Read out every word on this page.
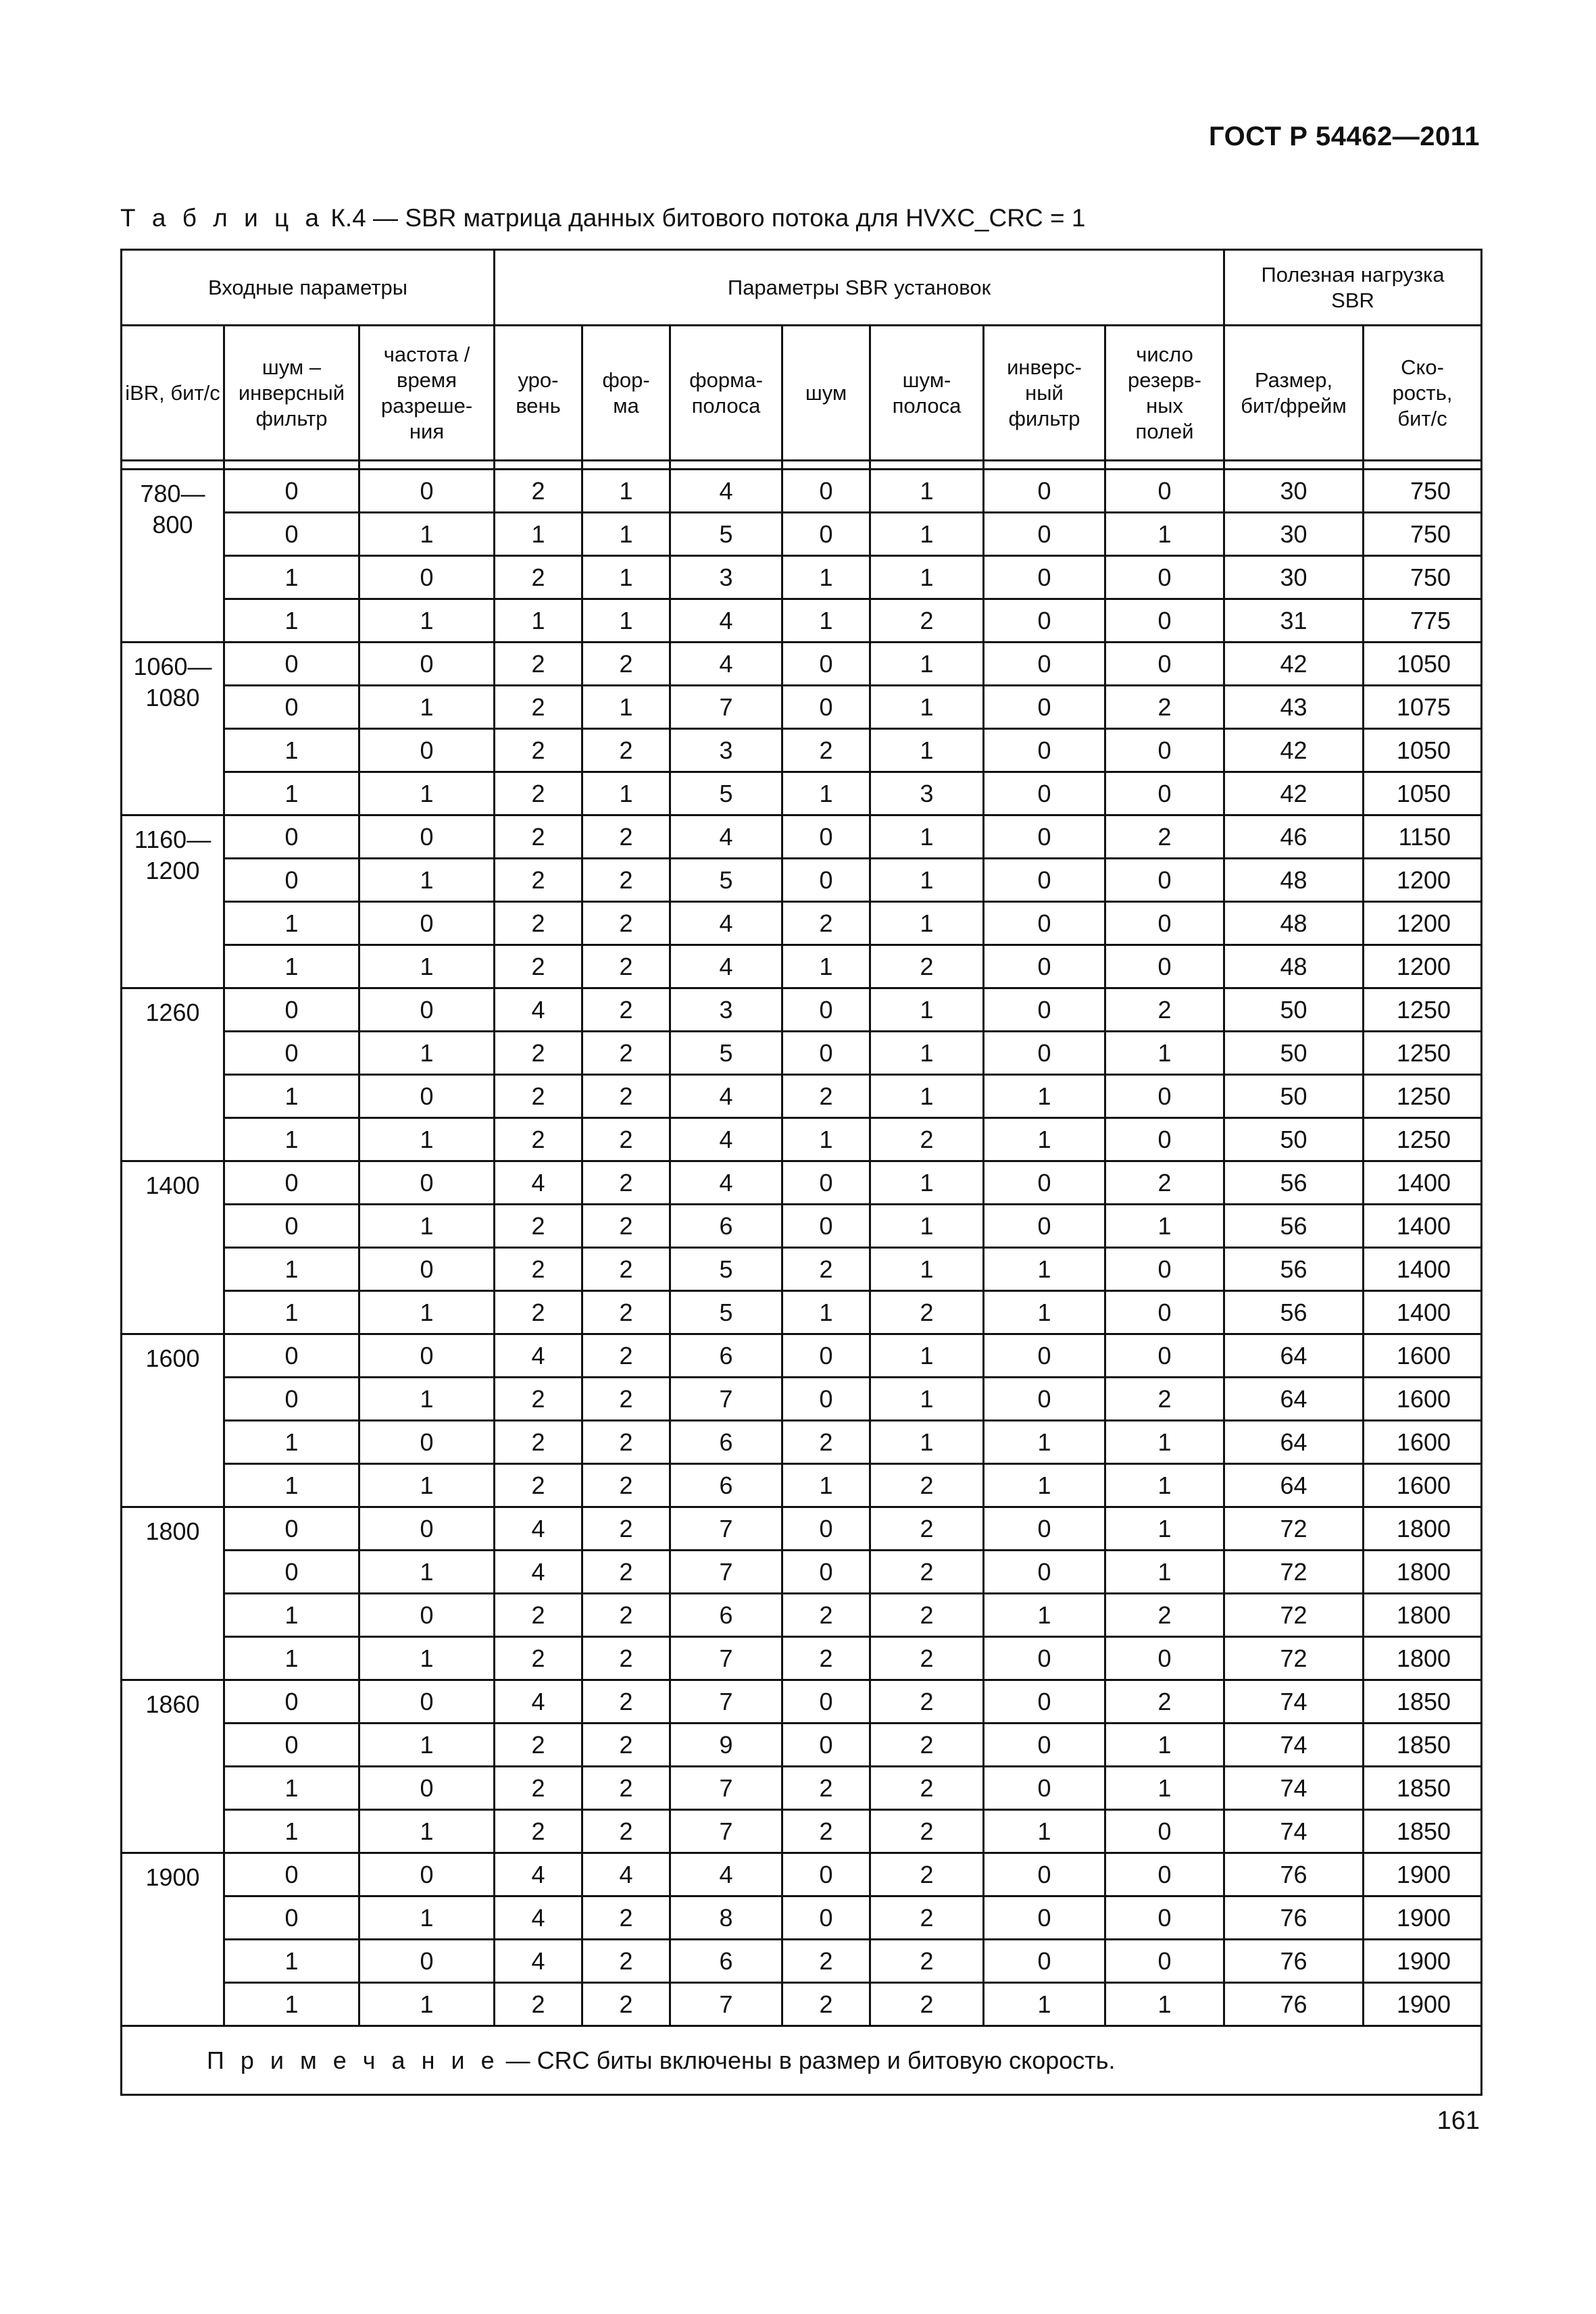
ГОСТ Р 54462—2011
Т а б л и ц а К.4 — SBR матрица данных битового потока для HVXC_CRC = 1
Входные параметры			Параметры SBR установок							Полезная нагрузка SBR	
iBR, бит/с	шум – инверсный фильтр	частота / время разреше-ния	уро-вень	фор-ма	форма-полоса	шум	шум-полоса	инверс-ный фильтр	число резерв-ных полей	Размер, бит/фрейм	Ско-рость, бит/с

780— 800	0	0	2	1	4	0	1	0	0	30	750
	0	1	1	1	5	0	1	0	1	30	750
	1	0	2	1	3	1	1	0	0	30	750
	1	1	1	1	4	1	2	0	0	31	775
1060— 1080	0	0	2	2	4	0	1	0	0	42	1050
	0	1	2	1	7	0	1	0	2	43	1075
	1	0	2	2	3	2	1	0	0	42	1050
	1	1	2	1	5	1	3	0	0	42	1050
1160— 1200	0	0	2	2	4	0	1	0	2	46	1150
	0	1	2	2	5	0	1	0	0	48	1200
	1	0	2	2	4	2	1	0	0	48	1200
	1	1	2	2	4	1	2	0	0	48	1200
1260	0	0	4	2	3	0	1	0	2	50	1250
	0	1	2	2	5	0	1	0	1	50	1250
	1	0	2	2	4	2	1	1	0	50	1250
	1	1	2	2	4	1	2	1	0	50	1250
1400	0	0	4	2	4	0	1	0	2	56	1400
	0	1	2	2	6	0	1	0	1	56	1400
	1	0	2	2	5	2	1	1	0	56	1400
	1	1	2	2	5	1	2	1	0	56	1400
1600	0	0	4	2	6	0	1	0	0	64	1600
	0	1	2	2	7	0	1	0	2	64	1600
	1	0	2	2	6	2	1	1	1	64	1600
	1	1	2	2	6	1	2	1	1	64	1600
1800	0	0	4	2	7	0	2	0	1	72	1800
	0	1	4	2	7	0	2	0	1	72	1800
	1	0	2	2	6	2	2	1	2	72	1800
	1	1	2	2	7	2	2	0	0	72	1800
1860	0	0	4	2	7	0	2	0	2	74	1850
	0	1	2	2	9	0	2	0	1	74	1850
	1	0	2	2	7	2	2	0	1	74	1850
	1	1	2	2	7	2	2	1	0	74	1850
1900	0	0	4	4	4	0	2	0	0	76	1900
	0	1	4	2	8	0	2	0	0	76	1900
	1	0	4	2	6	2	2	0	0	76	1900
	1	1	2	2	7	2	2	1	1	76	1900
П р и м е ч а н и е — CRC биты включены в размер и битовую скорость.											
161
